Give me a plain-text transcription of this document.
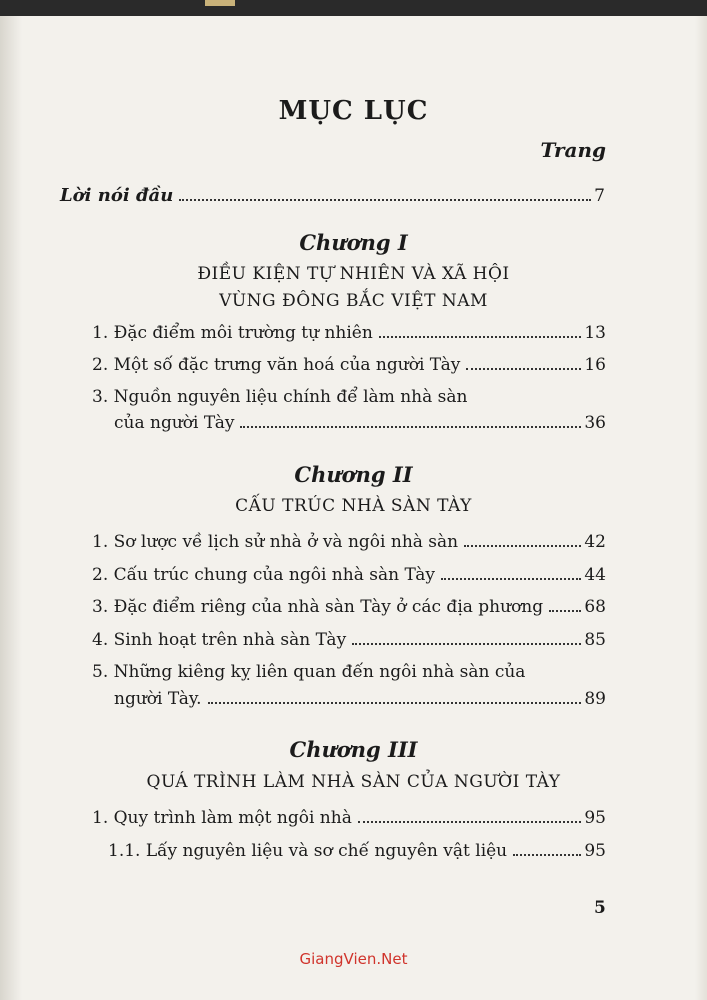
MỤC LỤC
Trang
Lời nói đầu	7
Chương I
ĐIỀU KIỆN TỰ NHIÊN VÀ XÃ HỘI
VÙNG ĐÔNG BẮC VIỆT NAM
1. Đặc điểm môi trường tự nhiên	13
2. Một số đặc trưng văn hoá của người Tày	16
3. Nguồn nguyên liệu chính để làm nhà sàn
của người Tày	36
Chương II
CẤU TRÚC NHÀ SÀN TÀY
1. Sơ lược về lịch sử nhà ở và ngôi nhà sàn	42
2. Cấu trúc chung của ngôi nhà sàn Tày	44
3. Đặc điểm riêng của nhà sàn Tày ở các địa phương 68
4. Sinh hoạt trên nhà sàn Tày	85
5. Những kiêng kỵ liên quan đến ngôi nhà sàn của
người Tày.	89
Chương III
QUÁ TRÌNH LÀM NHÀ SÀN CỦA NGƯỜI TÀY
1. Quy trình làm một ngôi nhà	95
1.1. Lấy nguyên liệu và sơ chế nguyên vật liệu	95
5
GiangVien.Net
